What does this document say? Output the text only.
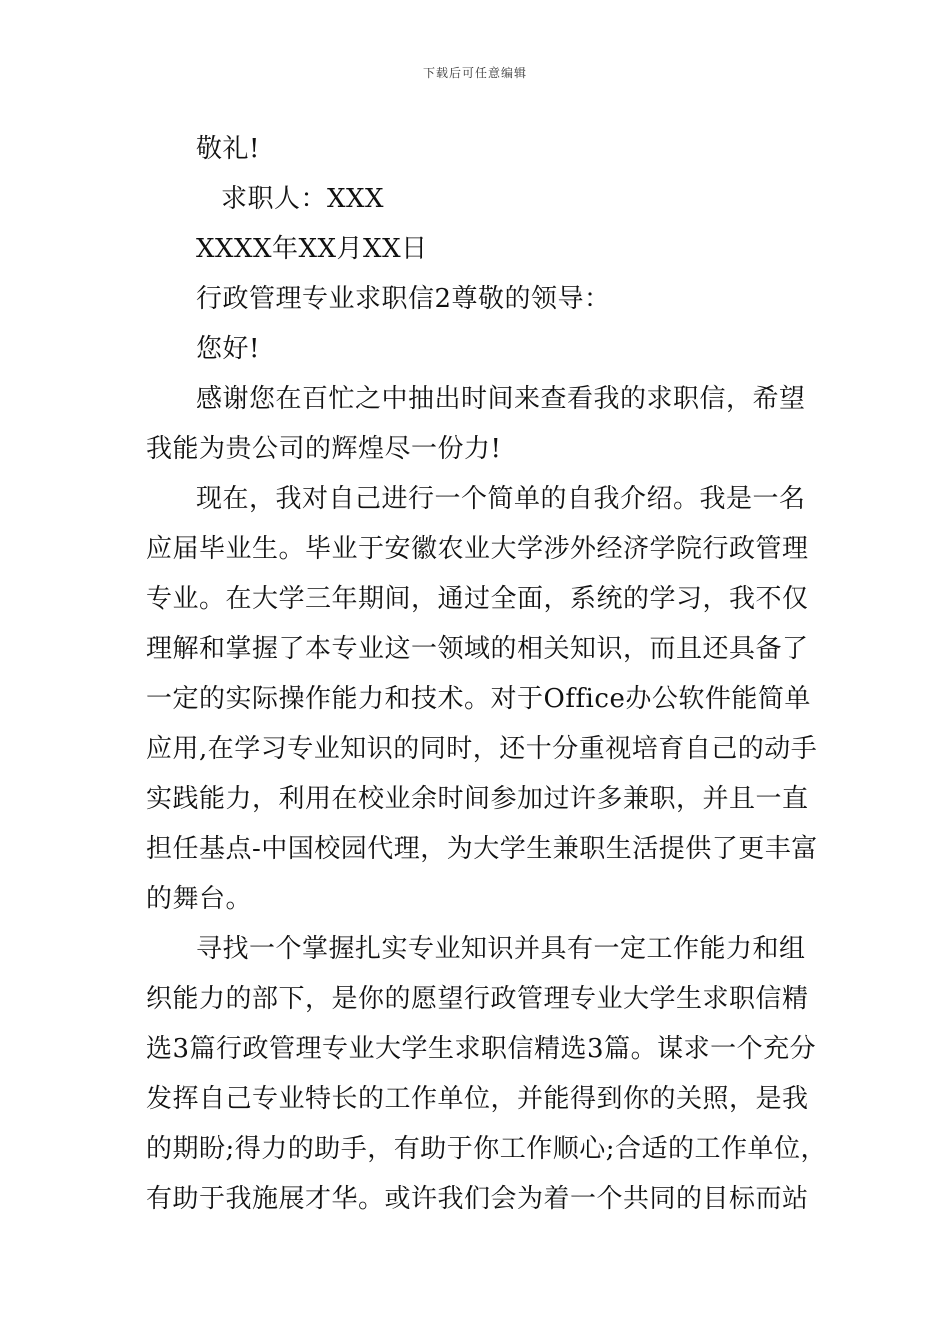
下载后可任意编辑
敬礼!
求职人：XXX
XXXX年XX月XX日
行政管理专业求职信2尊敬的领导：
您好!
感谢您在百忙之中抽出时间来查看我的求职信，希望
我能为贵公司的辉煌尽一份力!
现在，我对自己进行一个简单的自我介绍。我是一名
应届毕业生。毕业于安徽农业大学涉外经济学院行政管理
专业。在大学三年期间，通过全面，系统的学习，我不仅
理解和掌握了本专业这一领域的相关知识，而且还具备了
一定的实际操作能力和技术。对于Office办公软件能简单
应用,在学习专业知识的同时，还十分重视培育自己的动手
实践能力，利用在校业余时间参加过许多兼职，并且一直
担任基点-中国校园代理，为大学生兼职生活提供了更丰富
的舞台。
寻找一个掌握扎实专业知识并具有一定工作能力和组
织能力的部下，是你的愿望行政管理专业大学生求职信精
选3篇行政管理专业大学生求职信精选3篇。谋求一个充分
发挥自己专业特长的工作单位，并能得到你的关照，是我
的期盼;得力的助手，有助于你工作顺心;合适的工作单位，
有助于我施展才华。或许我们会为着一个共同的目标而站
